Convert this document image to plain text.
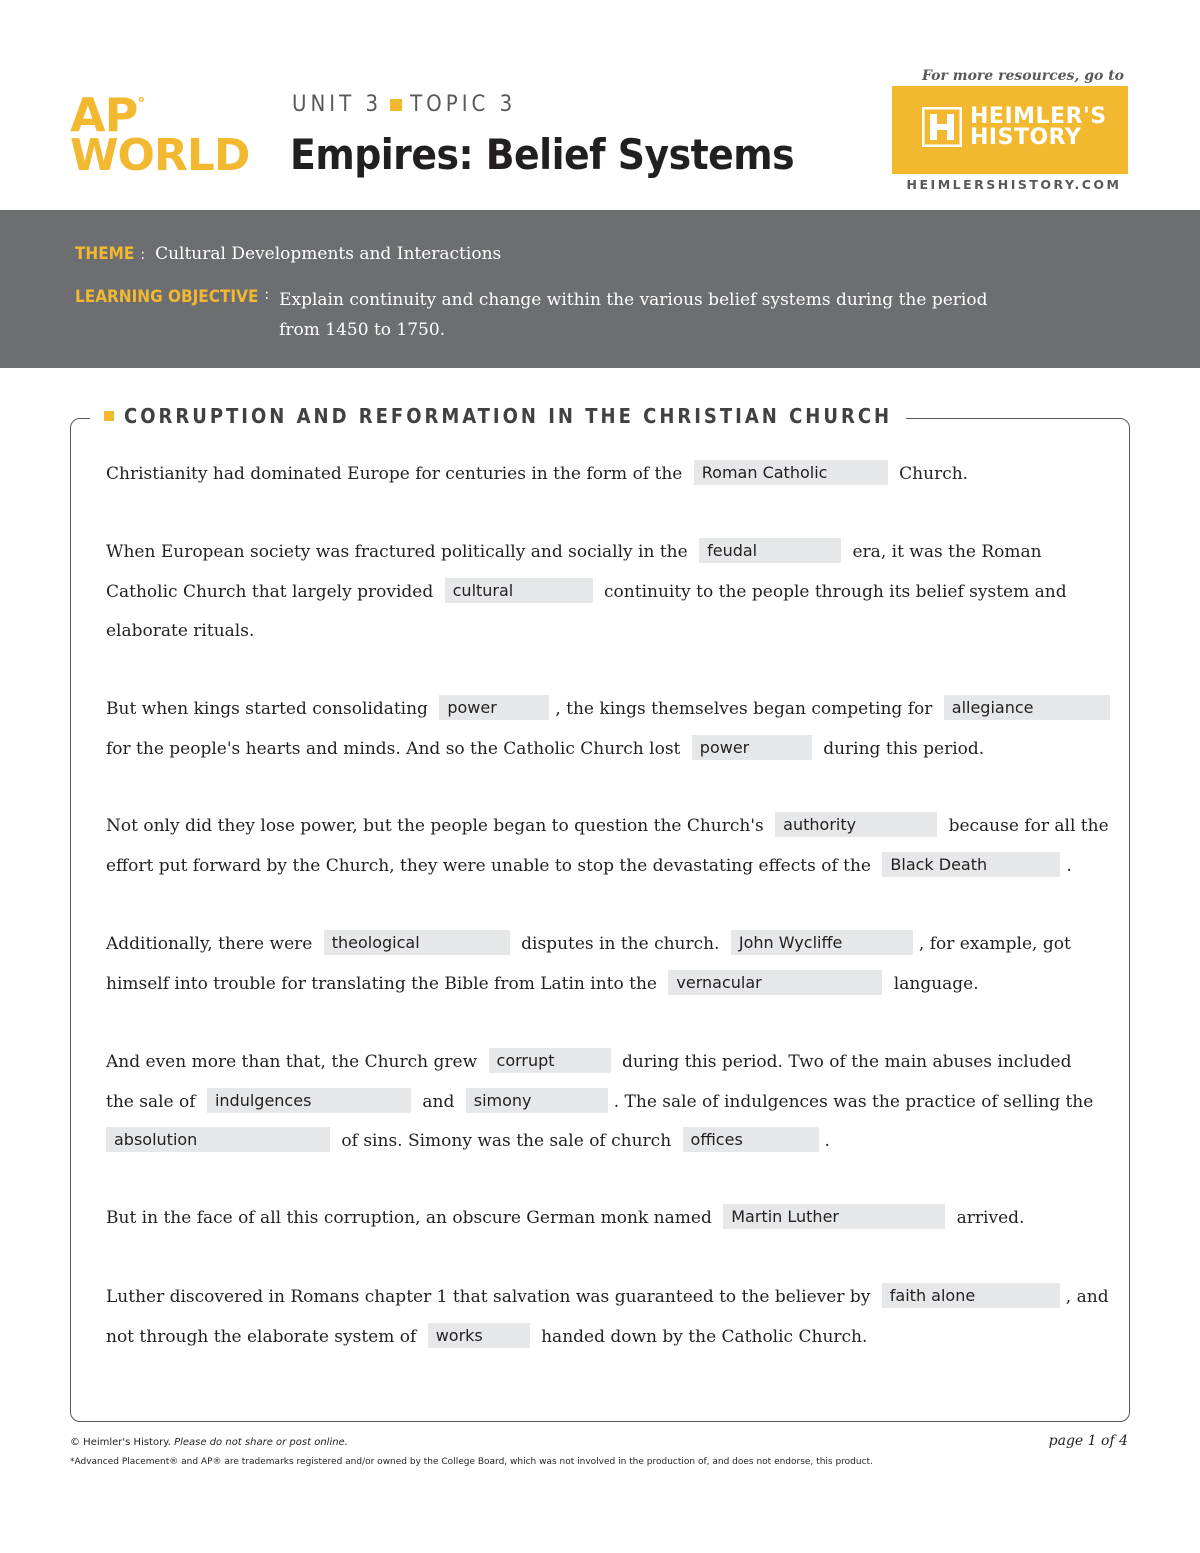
AP°
WORLD
UNIT 3 TOPIC 3
Empires: Belief Systems
For more resources, go to
HEIMLER'S
HISTORY
HEIMLERSHISTORY.COM
THEME : Cultural Developments and Interactions
LEARNING OBJECTIVE : Explain continuity and change within the various belief systems during the period from 1450 to 1750.
CORRUPTION AND REFORMATION IN THE CHRISTIAN CHURCH
Christianity had dominated Europe for centuries in the form of the Roman Catholic	Church.
When European society was fractured politically and socially in the feudal	era, it was the Roman
Catholic Church that largely provided cultural	continuity to the people through its belief system and
elaborate rituals.
But when kings started consolidating power	, the kings themselves began competing for allegiance
for the people's hearts and minds. And so the Catholic Church lost power	during this period.
Not only did they lose power, but the people began to question the Church's authority	because for all the
effort put forward by the Church, they were unable to stop the devastating effects of the Black Death	.
Additionally, there were theological	disputes in the church. John Wycliffe	, for example, got
himself into trouble for translating the Bible from Latin into the vernacular	language.
And even more than that, the Church grew corrupt	during this period. Two of the main abuses included
the sale of indulgences	and simony	. The sale of indulgences was the practice of selling the
absolution	of sins. Simony was the sale of church offices	.
But in the face of all this corruption, an obscure German monk named Martin Luther	arrived.
Luther discovered in Romans chapter 1 that salvation was guaranteed to the believer by faith alone	, and
not through the elaborate system of works	handed down by the Catholic Church.
© Heimler's History. Please do not share or post online.
*Advanced Placement® and AP® are trademarks registered and/or owned by the College Board, which was not involved in the production of, and does not endorse, this product.
page 1 of 4
